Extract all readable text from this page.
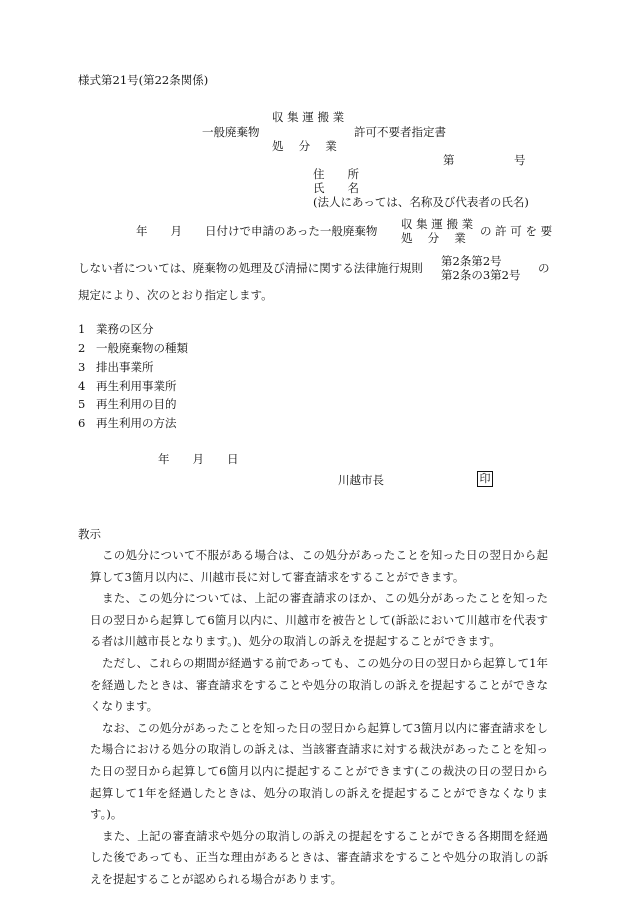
様式第21号(第22条関係)
収 集 運 搬 業
一般廃棄物	許可不要者指定書
処　 分 　業
第	号
住　　所
氏　　名
(法人にあっては、名称及び代表者の氏名)
年　　月　　日付けで申請のあった一般廃棄物 収 集 運 搬 業
処　 分 　業 の 許 可 を 要
しない者については、廃棄物の処理及び清掃に関する法律施行規則 第2条第2号
第2条の3第2号 の
規定により、次のとおり指定します。
1 業務の区分
2 一般廃棄物の種類
3 排出事業所
4 再生利用事業所
5 再生利用の目的
6 再生利用の方法
年　　月　　日
川越市長	印
教示

この処分について不服がある場合は、この処分があったことを知った日の翌日から起算して3箇月以内に、川越市長に対して審査請求をすることができます。

また、この処分については、上記の審査請求のほか、この処分があったことを知った日の翌日から起算して6箇月以内に、川越市を被告として(訴訟において川越市を代表する者は川越市長となります。)、処分の取消しの訴えを提起することができます。

ただし、これらの期間が経過する前であっても、この処分の日の翌日から起算して1年を経過したときは、審査請求をすることや処分の取消しの訴えを提起することができなくなります。

なお、この処分があったことを知った日の翌日から起算して3箇月以内に審査請求をした場合における処分の取消しの訴えは、当該審査請求に対する裁決があったことを知った日の翌日から起算して6箇月以内に提起することができます(この裁決の日の翌日から起算して1年を経過したときは、処分の取消しの訴えを提起することができなくなります。)。

また、上記の審査請求や処分の取消しの訴えの提起をすることができる各期間を経過した後であっても、正当な理由があるときは、審査請求をすることや処分の取消しの訴えを提起することが認められる場合があります。
